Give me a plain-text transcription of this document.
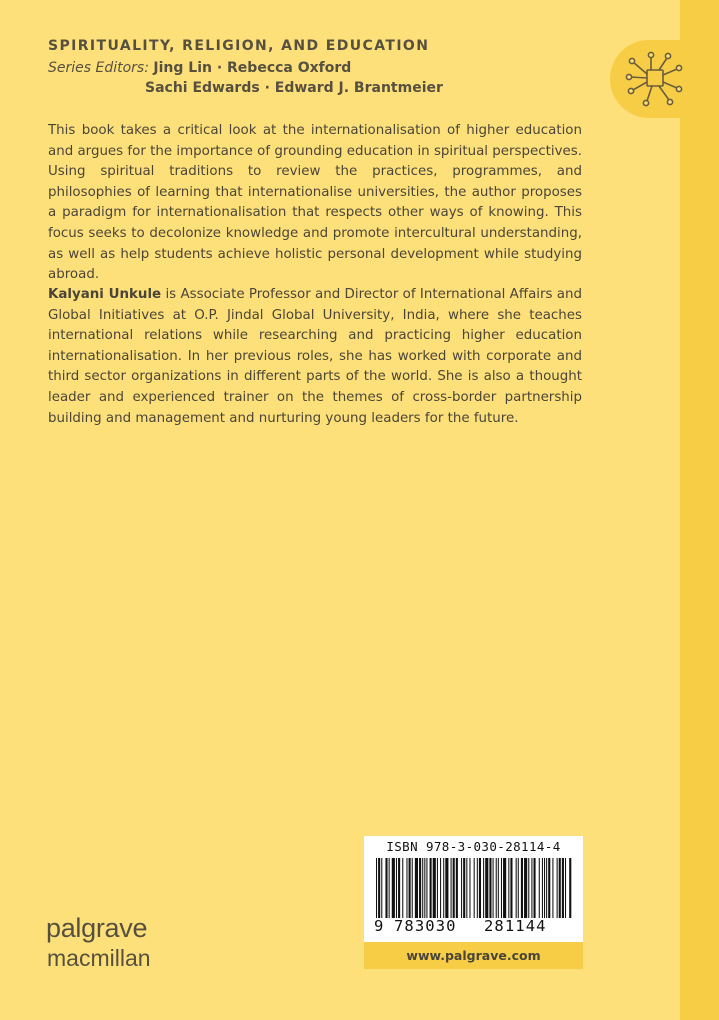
SPIRITUALITY, RELIGION, AND EDUCATION
Series Editors: Jing Lin · Rebecca Oxford
Sachi Edwards · Edward J. Brantmeier
This book takes a critical look at the internationalisation of higher education and argues for the importance of grounding education in spiritual perspectives. Using spiritual traditions to review the practices, programmes, and philosophies of learning that internationalise universities, the author proposes a paradigm for internationalisation that respects other ways of knowing. This focus seeks to decolonize knowledge and promote intercultural understanding, as well as help students achieve holistic personal development while studying abroad.
Kalyani Unkule is Associate Professor and Director of International Affairs and Global Initiatives at O.P. Jindal Global University, India, where she teaches international relations while researching and practicing higher education internationalisation. In her previous roles, she has worked with corporate and third sector organizations in different parts of the world. She is also a thought leader and experienced trainer on the themes of cross-border partnership building and management and nurturing young leaders for the future.
ISBN 978-3-030-28114-4
9 783030 281144
www.palgrave.com
palgrave
macmillan
